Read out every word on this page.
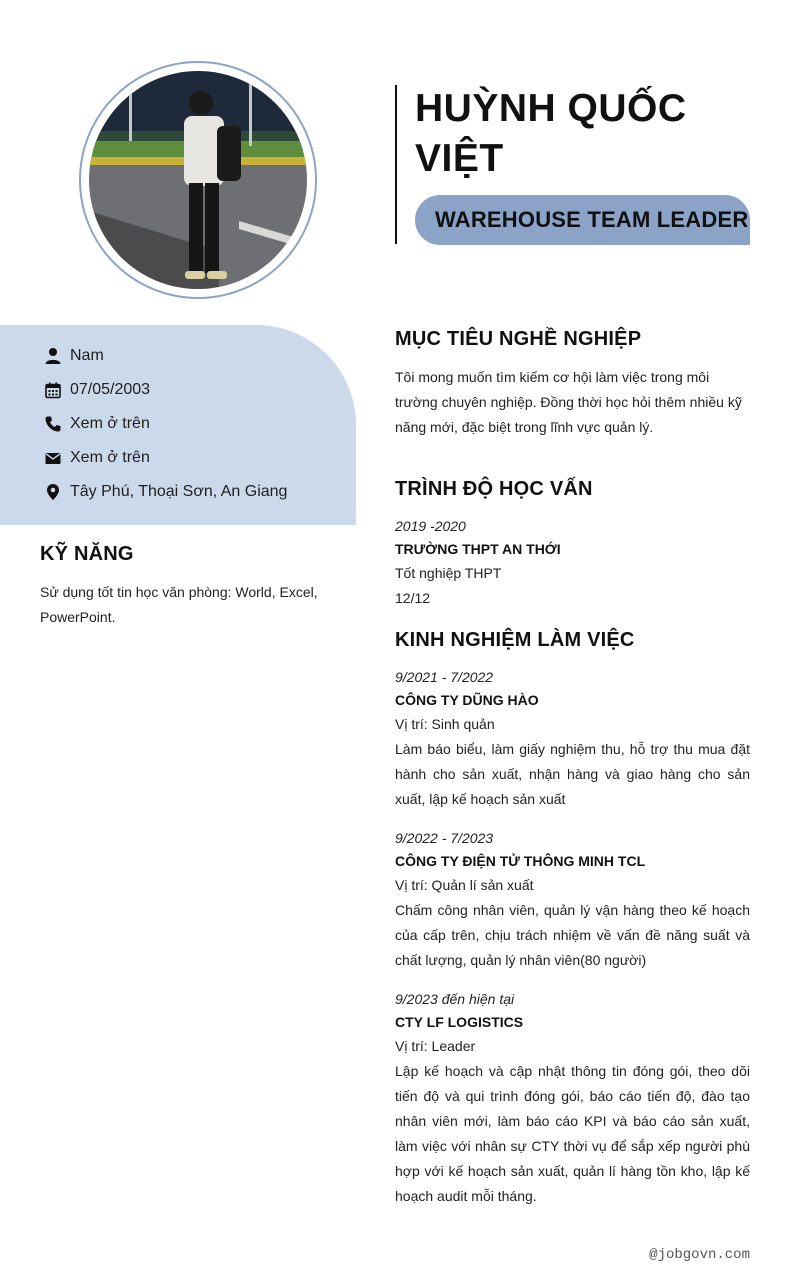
HUỲNH QUỐC VIỆT
WAREHOUSE TEAM LEADER
Nam
07/05/2003
Xem ở trên
Xem ở trên
Tây Phú, Thoại Sơn, An Giang
KỸ NĂNG
Sử dụng tốt tin học văn phòng: World, Excel, PowerPoint.
MỤC TIÊU NGHỀ NGHIỆP
Tôi mong muốn tìm kiếm cơ hội làm việc trong môi trường chuyên nghiệp. Đồng thời học hỏi thêm nhiều kỹ năng mới, đặc biệt trong lĩnh vực quản lý.
TRÌNH ĐỘ HỌC VẤN
2019 -2020
TRƯỜNG THPT AN THỚI
Tốt nghiệp THPT
12/12
KINH NGHIỆM LÀM VIỆC
9/2021 - 7/2022
CÔNG TY DŨNG HÀO
Vị trí: Sinh quản
Làm báo biểu, làm giấy nghiệm thu, hỗ trợ thu mua đặt hành cho sản xuất, nhận hàng và giao hàng cho sản xuất, lập kế hoạch sản xuất
9/2022 - 7/2023
CÔNG TY ĐIỆN TỬ THÔNG MINH TCL
Vị trí: Quản lí sản xuất
Chấm công nhân viên, quản lý vận hàng theo kế hoạch của cấp trên, chịu trách nhiệm về vấn đề năng suất và chất lượng, quản lý nhân viên(80 người)
9/2023 đến hiện tại
CTY LF LOGISTICS
Vị trí: Leader
Lập kế hoạch và cập nhật thông tin đóng gói, theo dõi tiến độ và qui trình đóng gói, báo cáo tiến độ, đào tạo nhân viên mới, làm báo cáo KPI và báo cáo sản xuất, làm việc với nhân sự CTY thời vụ để sắp xếp người phù hợp với kế hoạch sản xuất, quản lí hàng tồn kho, lập kế hoạch audit mỗi tháng.
@jobgovn.com
